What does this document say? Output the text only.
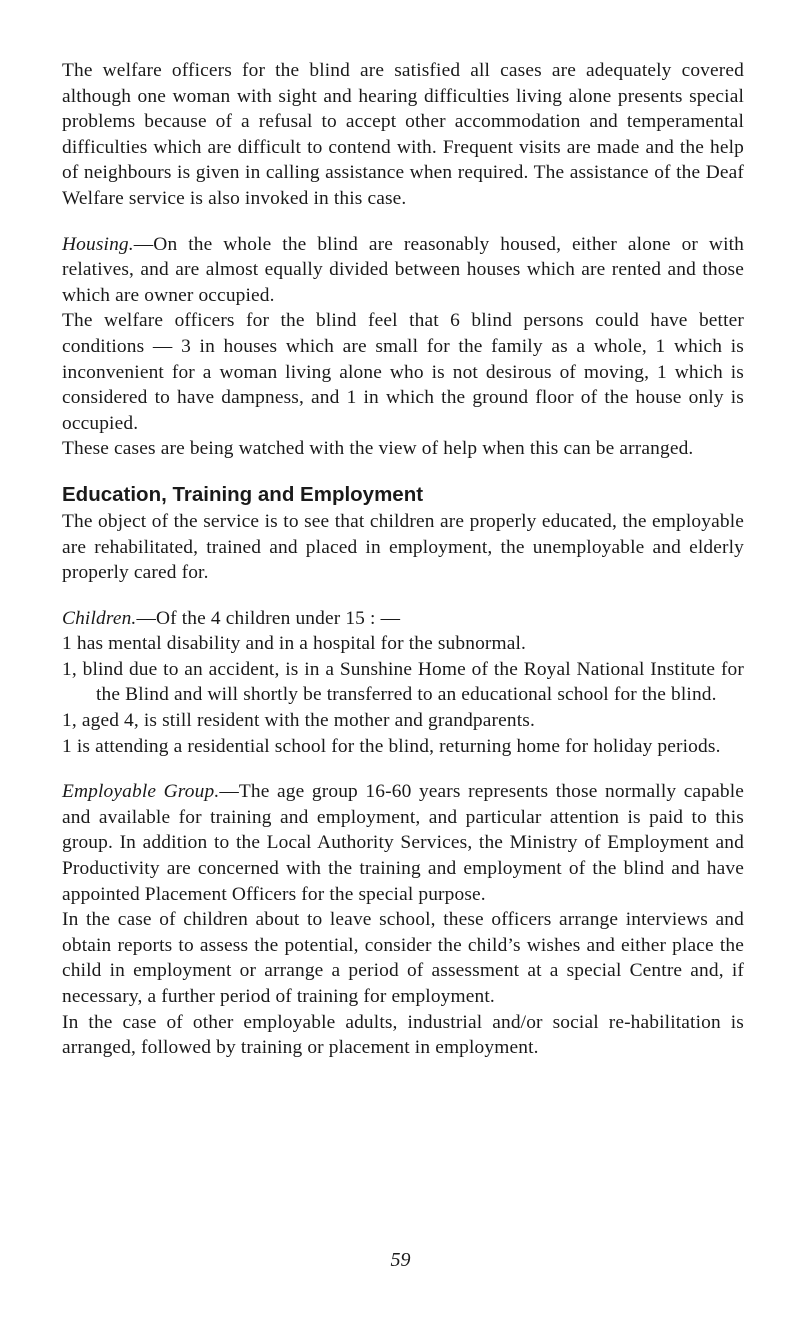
The welfare officers for the blind are satisfied all cases are adequately covered although one woman with sight and hearing difficulties living alone presents special problems because of a refusal to accept other accommodation and temperamental difficulties which are difficult to contend with. Frequent visits are made and the help of neighbours is given in calling assistance when required. The assistance of the Deaf Welfare service is also invoked in this case.

Housing.—On the whole the blind are reasonably housed, either alone or with relatives, and are almost equally divided between houses which are rented and those which are owner occupied.

The welfare officers for the blind feel that 6 blind persons could have better conditions — 3 in houses which are small for the family as a whole, 1 which is inconvenient for a woman living alone who is not desirous of moving, 1 which is considered to have dampness, and 1 in which the ground floor of the house only is occupied.

These cases are being watched with the view of help when this can be arranged.

Education, Training and Employment

The object of the service is to see that children are properly educated, the employable are rehabilitated, trained and placed in employment, the unemployable and elderly properly cared for.

Children.—Of the 4 children under 15 : —

1 has mental disability and in a hospital for the subnormal.
1, blind due to an accident, is in a Sunshine Home of the Royal National Institute for the Blind and will shortly be transferred to an educational school for the blind.
1, aged 4, is still resident with the mother and grandparents.
1 is attending a residential school for the blind, returning home for holiday periods.

Employable Group.—The age group 16-60 years represents those normally capable and available for training and employment, and particular attention is paid to this group. In addition to the Local Authority Services, the Ministry of Employment and Productivity are concerned with the training and employment of the blind and have appointed Placement Officers for the special purpose.

In the case of children about to leave school, these officers arrange interviews and obtain reports to assess the potential, consider the child’s wishes and either place the child in employment or arrange a period of assessment at a special Centre and, if necessary, a further period of training for employment.

In the case of other employable adults, industrial and/or social re-habilitation is arranged, followed by training or placement in employment.

59
